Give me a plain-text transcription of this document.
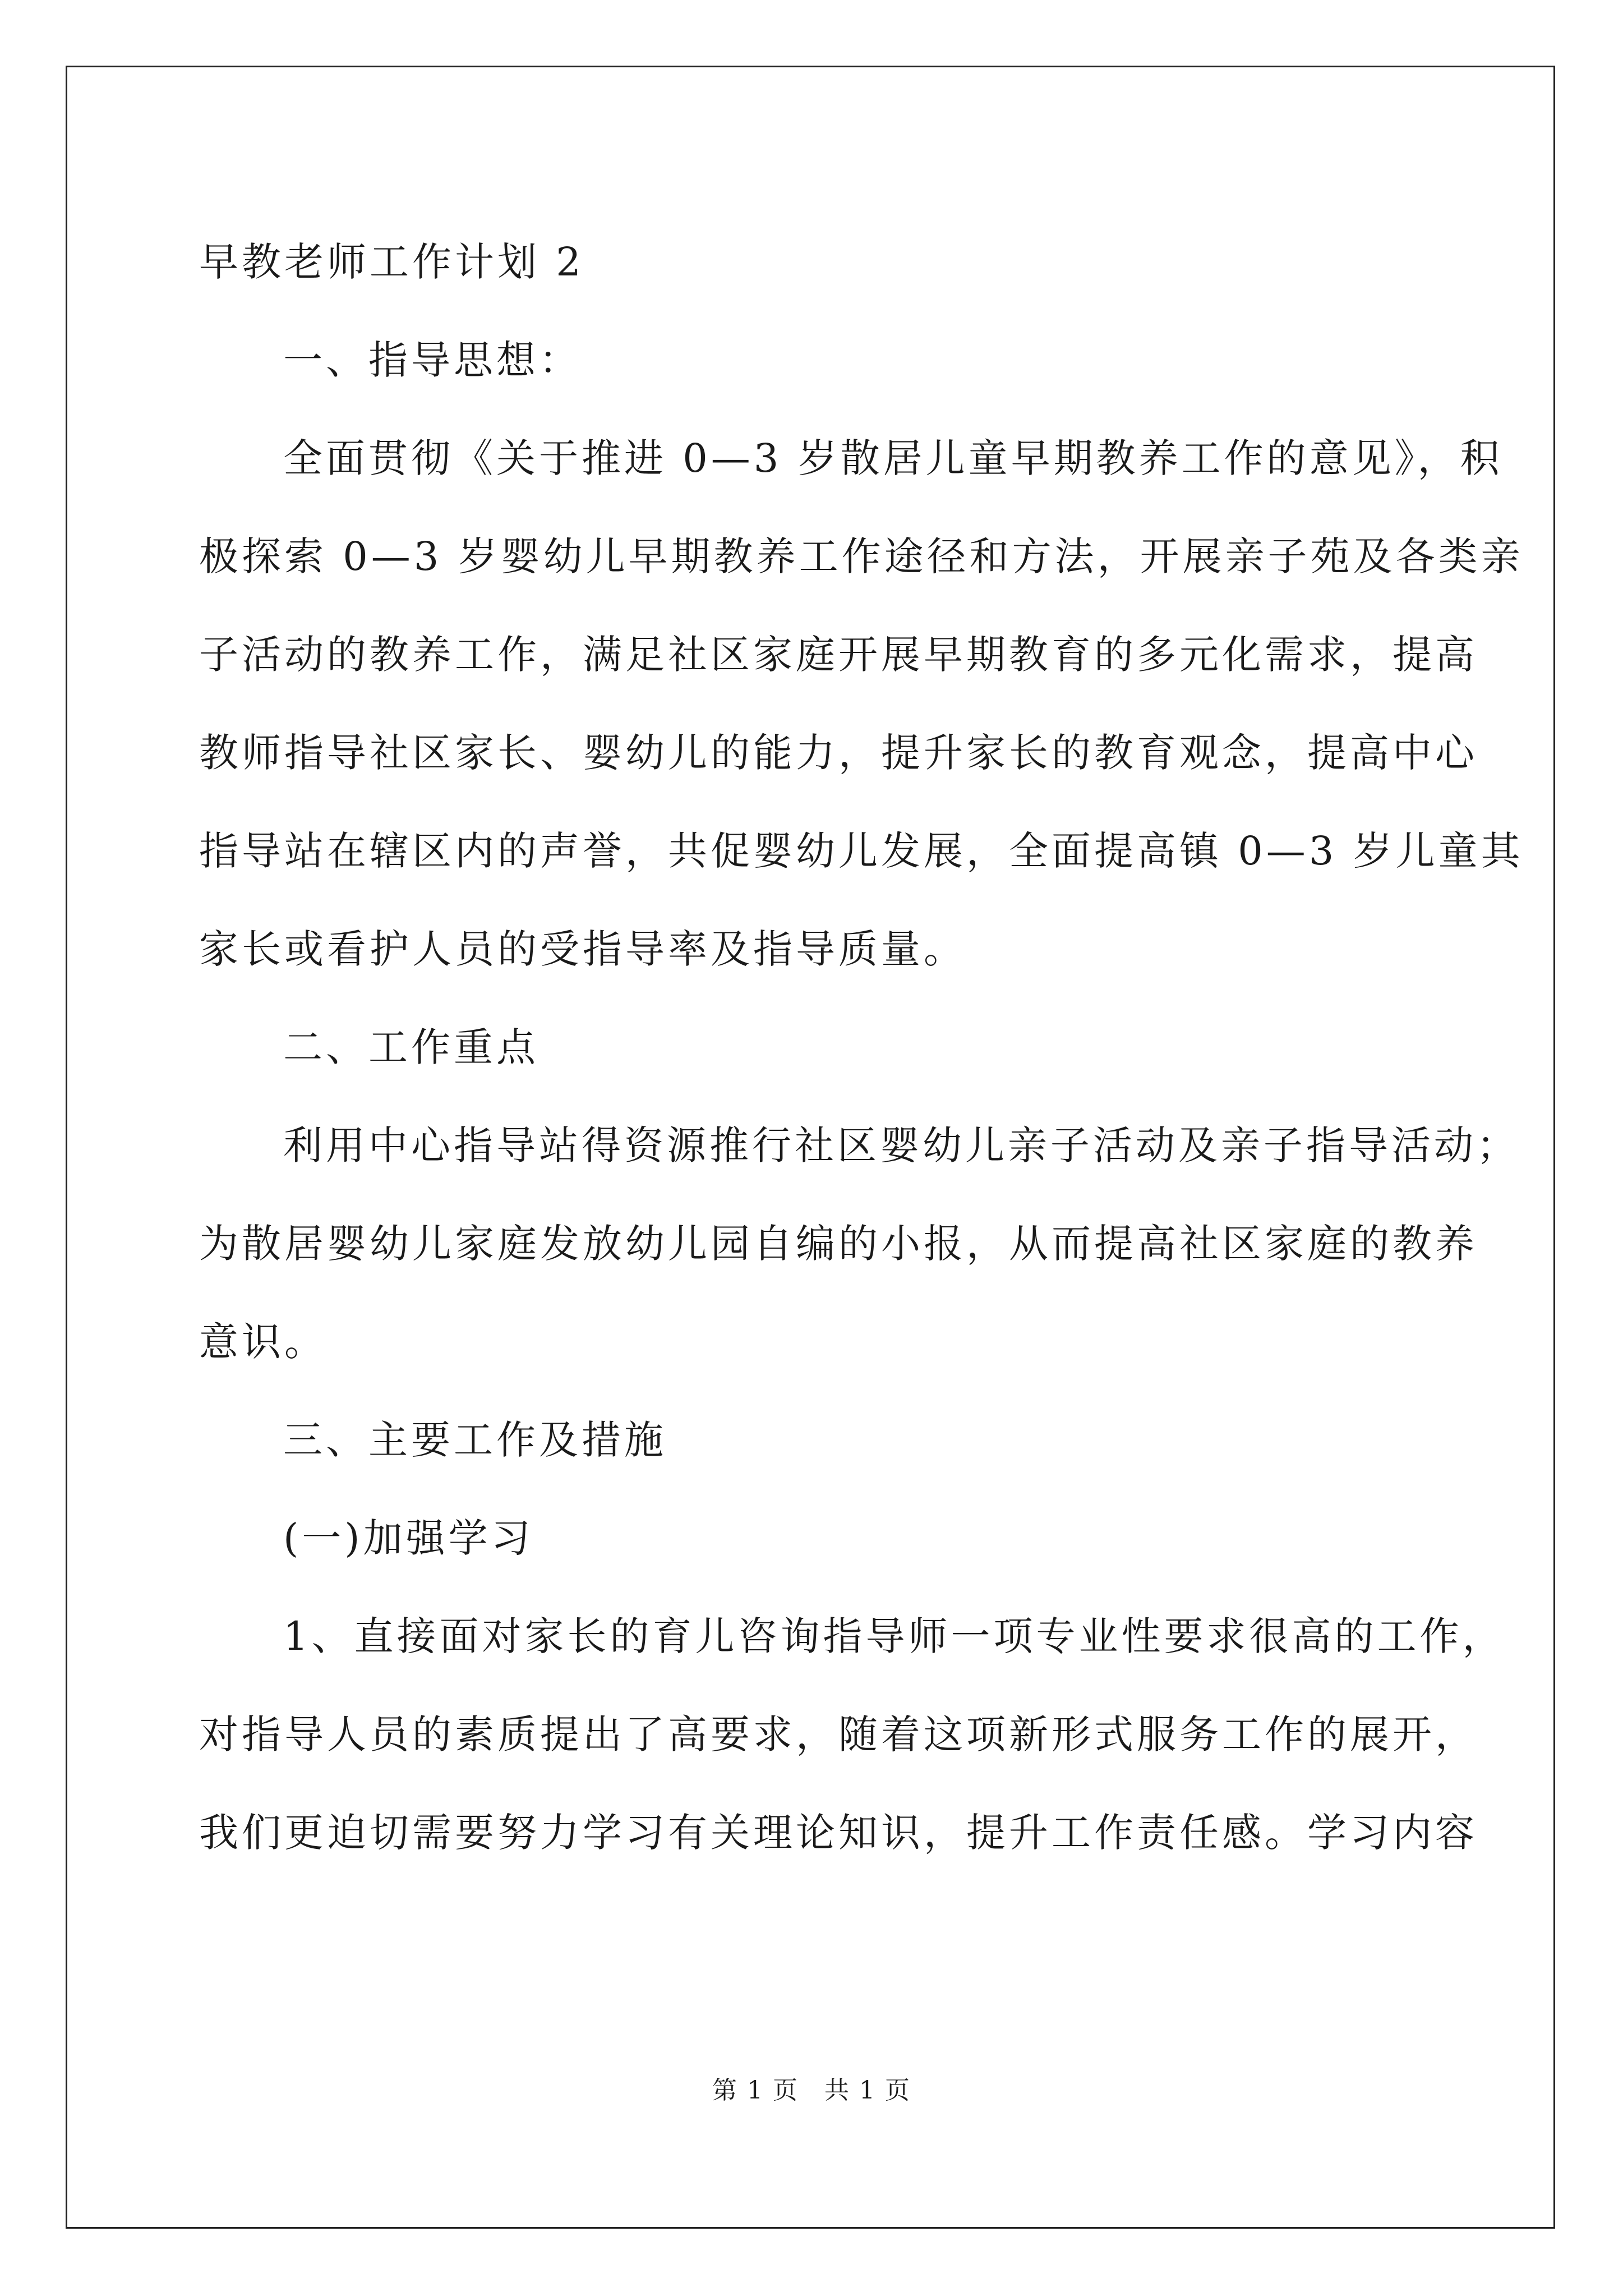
早教老师工作计划 2
一、指导思想：
全面贯彻《关于推进 0—3 岁散居儿童早期教养工作的意见》，积
极探索 0—3 岁婴幼儿早期教养工作途径和方法，开展亲子苑及各类亲
子活动的教养工作，满足社区家庭开展早期教育的多元化需求，提高
教师指导社区家长、婴幼儿的能力，提升家长的教育观念，提高中心
指导站在辖区内的声誉，共促婴幼儿发展，全面提高镇 0—3 岁儿童其
家长或看护人员的受指导率及指导质量。
二、工作重点
利用中心指导站得资源推行社区婴幼儿亲子活动及亲子指导活动；
为散居婴幼儿家庭发放幼儿园自编的小报，从而提高社区家庭的教养
意识。
三、主要工作及措施
(一)加强学习
1、直接面对家长的育儿咨询指导师一项专业性要求很高的工作，
对指导人员的素质提出了高要求，随着这项新形式服务工作的展开，
我们更迫切需要努力学习有关理论知识，提升工作责任感。学习内容
第 1 页　共 1 页
